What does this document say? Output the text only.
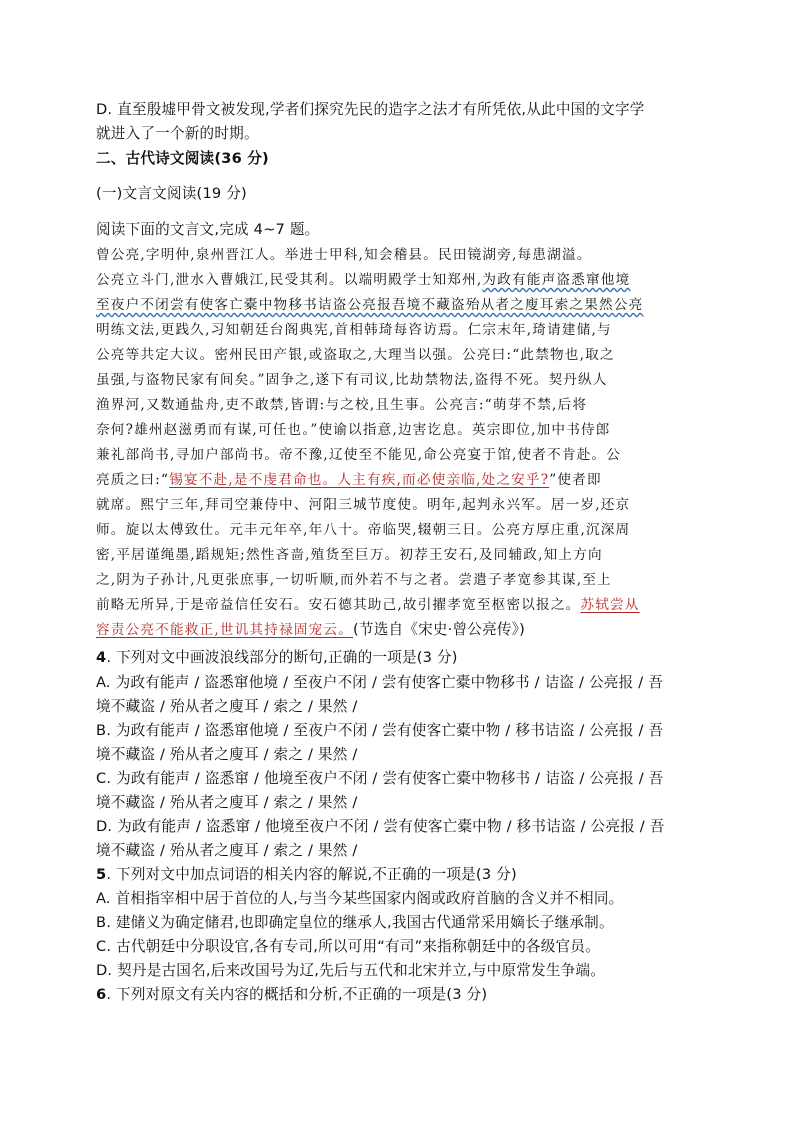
D. 直至殷墟甲骨文被发现,学者们探究先民的造字之法才有所凭依,从此中国的文字学
就进入了一个新的时期。
二、古代诗文阅读(36 分)
(一)文言文阅读(19 分)
阅读下面的文言文,完成 4~7 题。
曾公亮,字明仲,泉州晋江人。举进士甲科,知会稽县。民田镜湖旁,每患湖溢。
公亮立斗门,泄水入曹娥江,民受其利。以端明殿学士知郑州,为政有能声盗悉窜他境
至夜户不闭尝有使客亡橐中物移书诘盗公亮报吾境不藏盗殆从者之廋耳索之果然公亮
明练文法,更践久,习知朝廷台阁典宪,首相韩琦每咨访焉。仁宗末年,琦请建储,与
公亮等共定大议。密州民田产银,或盗取之,大理当以强。公亮曰:“此禁物也,取之
虽强,与盗物民家有间矣。”固争之,遂下有司议,比劫禁物法,盗得不死。契丹纵人
渔界河,又数通盐舟,吏不敢禁,皆谓:与之校,且生事。公亮言:“萌芽不禁,后将
奈何?雄州赵滋勇而有谋,可任也。”使谕以指意,边害讫息。英宗即位,加中书侍郎
兼礼部尚书,寻加户部尚书。帝不豫,辽使至不能见,命公亮宴于馆,使者不肯赴。公
亮质之曰:“锡宴不赴,是不虔君命也。人主有疾,而必使亲临,处之安乎?”使者即
就席。熙宁三年,拜司空兼侍中、河阳三城节度使。明年,起判永兴军。居一岁,还京
师。旋以太傅致仕。元丰元年卒,年八十。帝临哭,辍朝三日。公亮方厚庄重,沉深周
密,平居谨绳墨,蹈规矩;然性吝啬,殖货至巨万。初荐王安石,及同辅政,知上方向
之,阴为子孙计,凡更张庶事,一切听顺,而外若不与之者。尝遣子孝宽参其谋,至上
前略无所异,于是帝益信任安石。安石德其助己,故引擢孝宽至枢密以报之。苏轼尝从
容责公亮不能救正,世讥其持禄固宠云。(节选自《宋史·曾公亮传》)
4. 下列对文中画波浪线部分的断句,正确的一项是(3 分)
A. 为政有能声 / 盗悉窜他境 / 至夜户不闭 / 尝有使客亡橐中物移书 / 诘盗 / 公亮报 / 吾
境不藏盗 / 殆从者之廋耳 / 索之 / 果然 /
B. 为政有能声 / 盗悉窜他境 / 至夜户不闭 / 尝有使客亡橐中物 / 移书诘盗 / 公亮报 / 吾
境不藏盗 / 殆从者之廋耳 / 索之 / 果然 /
C. 为政有能声 / 盗悉窜 / 他境至夜户不闭 / 尝有使客亡橐中物移书 / 诘盗 / 公亮报 / 吾
境不藏盗 / 殆从者之廋耳 / 索之 / 果然 /
D. 为政有能声 / 盗悉窜 / 他境至夜户不闭 / 尝有使客亡橐中物 / 移书诘盗 / 公亮报 / 吾
境不藏盗 / 殆从者之廋耳 / 索之 / 果然 /
5. 下列对文中加点词语的相关内容的解说,不正确的一项是(3 分)
A. 首相指宰相中居于首位的人,与当今某些国家内阁或政府首脑的含义并不相同。
B. 建储义为确定储君,也即确定皇位的继承人,我国古代通常采用嫡长子继承制。
C. 古代朝廷中分职设官,各有专司,所以可用“有司”来指称朝廷中的各级官员。
D. 契丹是古国名,后来改国号为辽,先后与五代和北宋并立,与中原常发生争端。
6. 下列对原文有关内容的概括和分析,不正确的一项是(3 分)
